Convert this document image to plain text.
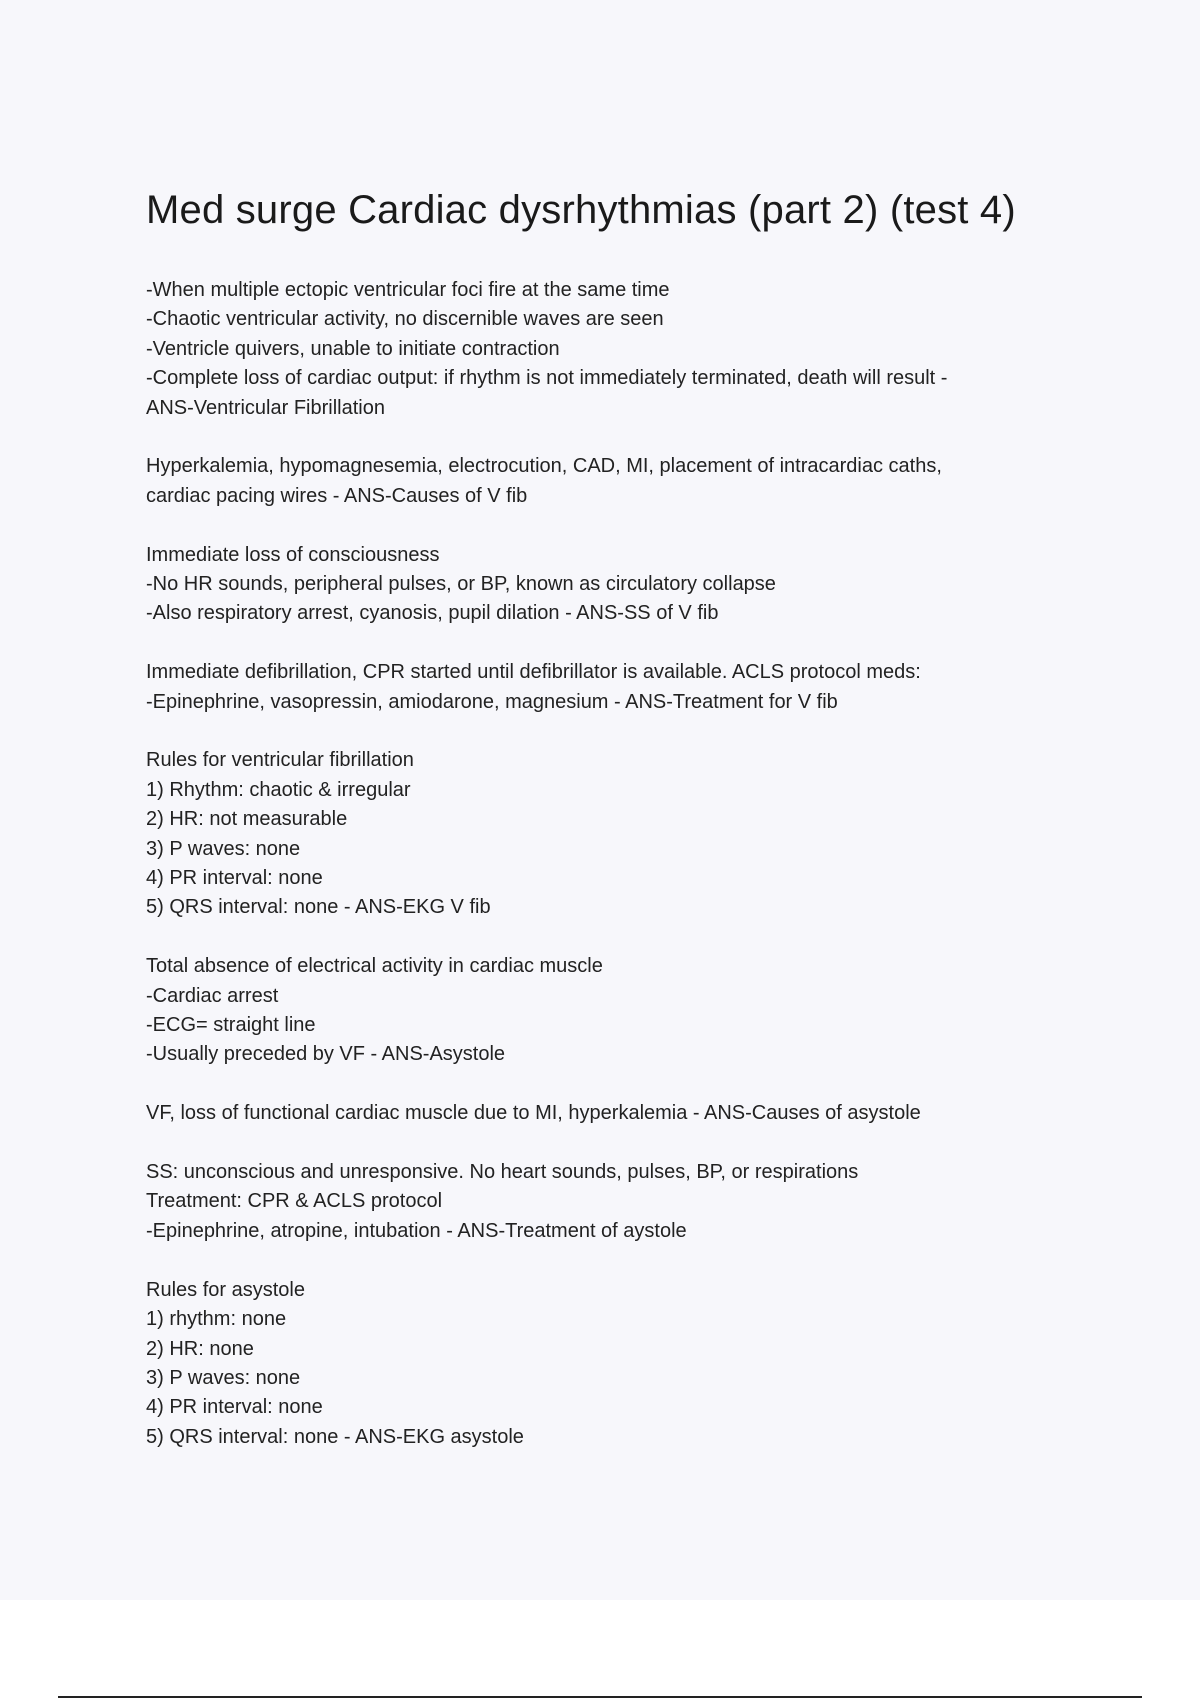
Med surge Cardiac dysrhythmias (part 2) (test 4)
-When multiple ectopic ventricular foci fire at the same time
-Chaotic ventricular activity, no discernible waves are seen
-Ventricle quivers, unable to initiate contraction
-Complete loss of cardiac output: if rhythm is not immediately terminated, death will result -
ANS-Ventricular Fibrillation
Hyperkalemia, hypomagnesemia, electrocution, CAD, MI, placement of intracardiac caths,
cardiac pacing wires - ANS-Causes of V fib
Immediate loss of consciousness
-No HR sounds, peripheral pulses, or BP, known as circulatory collapse
-Also respiratory arrest, cyanosis, pupil dilation - ANS-SS of V fib
Immediate defibrillation, CPR started until defibrillator is available. ACLS protocol meds:
-Epinephrine, vasopressin, amiodarone, magnesium - ANS-Treatment for V fib
Rules for ventricular fibrillation
1) Rhythm: chaotic & irregular
2) HR: not measurable
3) P waves: none
4) PR interval: none
5) QRS interval: none - ANS-EKG V fib
Total absence of electrical activity in cardiac muscle
-Cardiac arrest
-ECG= straight line
-Usually preceded by VF - ANS-Asystole
VF, loss of functional cardiac muscle due to MI, hyperkalemia - ANS-Causes of asystole
SS: unconscious and unresponsive. No heart sounds, pulses, BP, or respirations
Treatment: CPR & ACLS protocol
-Epinephrine, atropine, intubation - ANS-Treatment of aystole
Rules for asystole
1) rhythm: none
2) HR: none
3) P waves: none
4) PR interval: none
5) QRS interval: none - ANS-EKG asystole
